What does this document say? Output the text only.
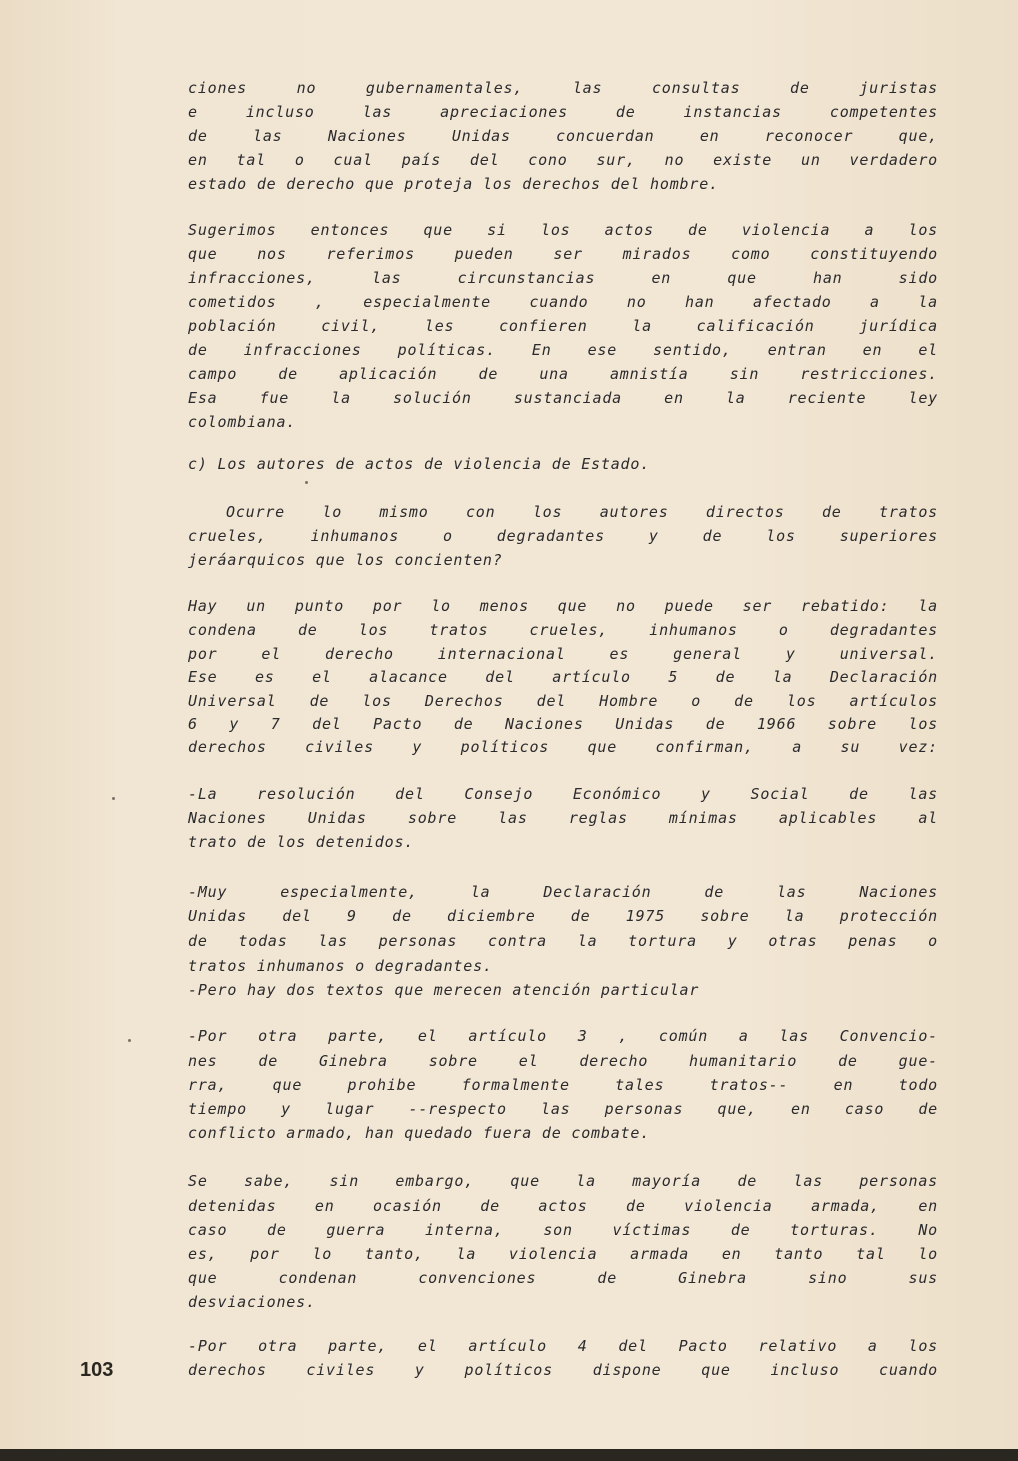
ciones no gubernamentales, las consultas de juristas
e incluso las apreciaciones de instancias competentes
de las Naciones Unidas concuerdan en reconocer que,
en tal o cual país del cono sur, no existe un verdadero
estado de derecho que proteja los derechos del hombre.
Sugerimos entonces que si los actos de violencia a los
que nos referimos pueden ser mirados como constituyendo
infracciones, las circunstancias en que han sido
cometidos , especialmente cuando no han afectado a la
población civil, les confieren la calificación jurídica
de infracciones políticas. En ese sentido, entran en el
campo de aplicación de una amnistía sin restricciones.
Esa fue la solución sustanciada en la reciente ley
colombiana.
c) Los autores de actos de violencia de Estado.
Ocurre lo mismo con los autores directos de tratos
crueles, inhumanos o degradantes y de los superiores
jeráarquicos que los concienten?
Hay un punto por lo menos que no puede ser rebatido: la
condena de los tratos crueles, inhumanos o degradantes
por el derecho internacional es general y universal.
Ese es el alacance del artículo 5 de la Declaración
Universal de los Derechos del Hombre o de los artículos
6 y 7 del Pacto de Naciones Unidas de 1966 sobre los
derechos civiles y políticos que confirman, a su vez:
-La resolución del Consejo Económico y Social de las
Naciones Unidas sobre las reglas mínimas aplicables al
trato de los detenidos.
-Muy especialmente, la Declaración de las Naciones
Unidas del 9 de diciembre de 1975 sobre la protección
de todas las personas contra la tortura y otras penas o
tratos inhumanos o degradantes.
-Pero hay dos textos que merecen atención particular
-Por otra parte, el artículo 3 , común a las Convencio-
nes de Ginebra sobre el derecho humanitario de gue-
rra, que prohibe formalmente tales tratos-- en todo
tiempo y lugar --respecto las personas que, en caso de
conflicto armado, han quedado fuera de combate.
Se sabe, sin embargo, que la mayoría de las personas
detenidas en ocasión de actos de violencia armada, en
caso de guerra interna, son víctimas de torturas. No
es, por lo tanto, la violencia armada en tanto tal lo
que condenan convenciones de Ginebra sino sus
desviaciones.
-Por otra parte, el artículo 4 del Pacto relativo a los
derechos civiles y políticos dispone que incluso cuando
103
